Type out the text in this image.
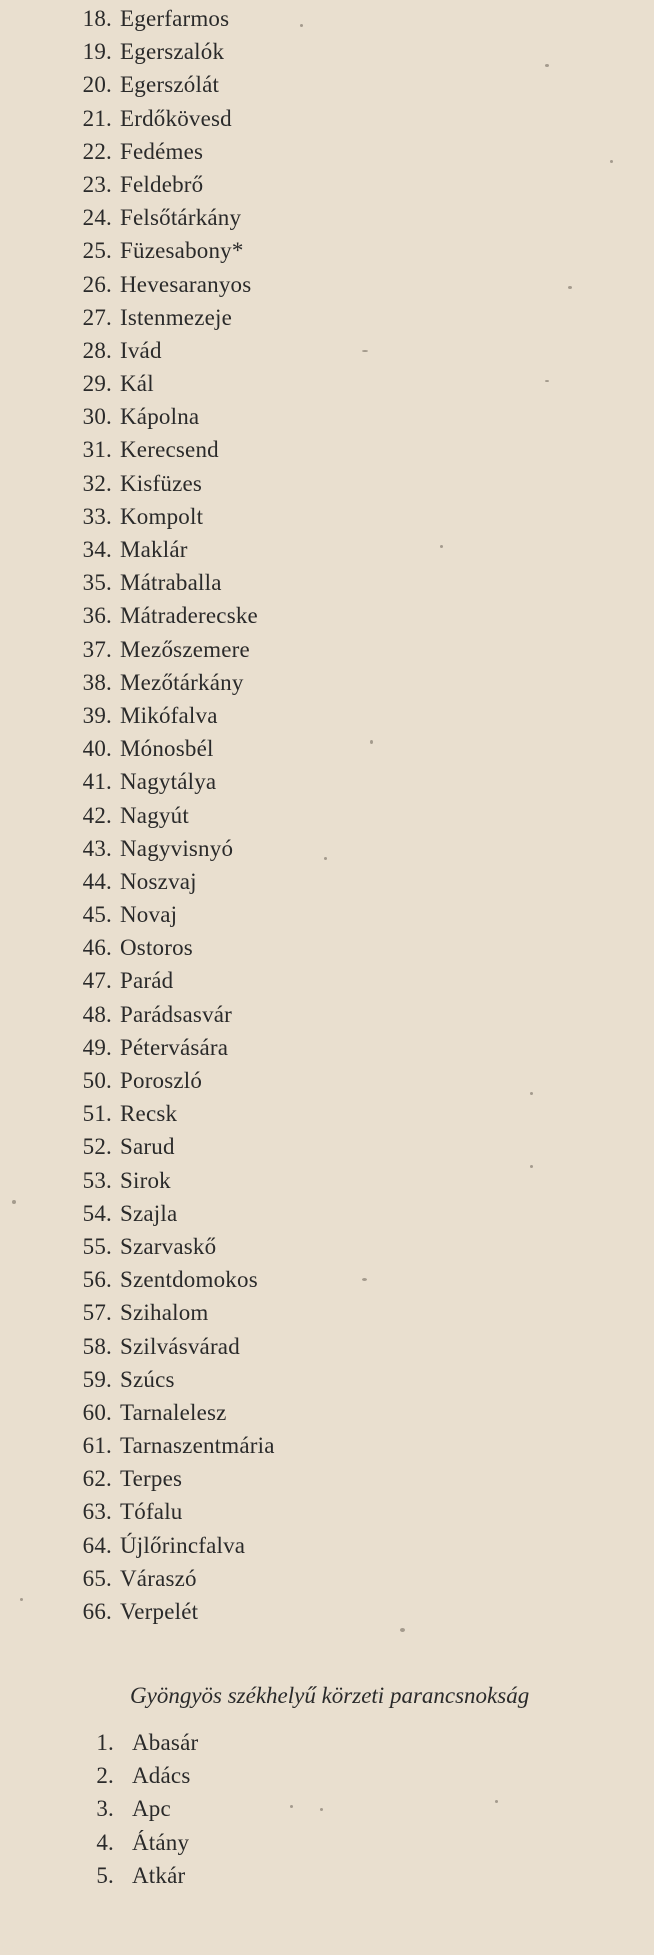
18. Egerfarmos
19. Egerszalók
20. Egerszólát
21. Erdőkövesd
22. Fedémes
23. Feldebrő
24. Felsőtárkány
25. Füzesabony*
26. Hevesaranyos
27. Istenmezeje
28. Ivád
29. Kál
30. Kápolna
31. Kerecsend
32. Kisfüzes
33. Kompolt
34. Maklár
35. Mátraballa
36. Mátraderecske
37. Mezőszemere
38. Mezőtárkány
39. Mikófalva
40. Mónosbél
41. Nagytálya
42. Nagyút
43. Nagyvisnyó
44. Noszvaj
45. Novaj
46. Ostoros
47. Parád
48. Parádsasvár
49. Pétervására
50. Poroszló
51. Recsk
52. Sarud
53. Sirok
54. Szajla
55. Szarvaskő
56. Szentdomokos
57. Szihalom
58. Szilvásvárad
59. Szúcs
60. Tarnalelesz
61. Tarnaszentmária
62. Terpes
63. Tófalu
64. Újlőrincfalva
65. Váraszó
66. Verpelét
Gyöngyös székhelyű körzeti parancsnokság
1. Abasár
2. Adács
3. Apc
4. Átány
5. Atkár
